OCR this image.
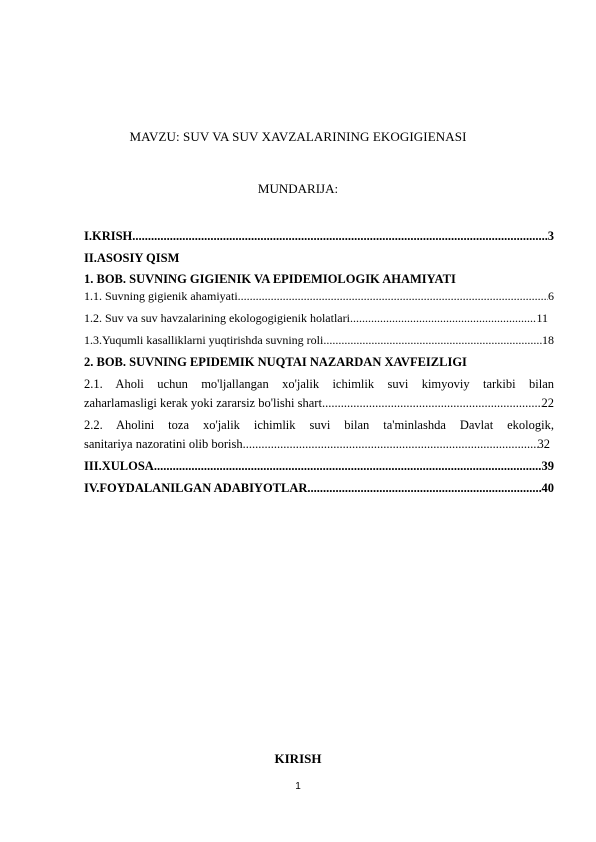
MAVZU: SUV VA SUV XAVZALARINING EKOGIGIENASI
MUNDARIJA:
I.KRISH .....	3
II.ASOSIY QISM
1. BOB. SUVNING GIGIENIK VA EPIDEMIOLOGIK AHAMIYATI
1.1. Suvning gigienik ahamiyati .....	6
1.2. Suv va suv havzalarining ekologogigienik holatlari .....	11
1.3.Yuqumli kasalliklarni yuqtirishda suvning roli .....	18
2. BOB. SUVNING EPIDEMIK NUQTAI NAZARDAN XAVFEIZLIGI
2.1. Aholi uchun mo'ljallangan xo'jalik ichimlik suvi kimyoviy tarkibi bilan
zaharlamasligi kerak yoki zararsiz bo'lishi shart .....	22
2.2. Aholini toza xo'jalik ichimlik suvi bilan ta'minlashda Davlat ekologik,
sanitariya nazoratini olib borish .....	32
III.XULOSA .....	39
IV.FOYDALANILGAN ADABIYOTLAR .....	40
KIRISH
1
